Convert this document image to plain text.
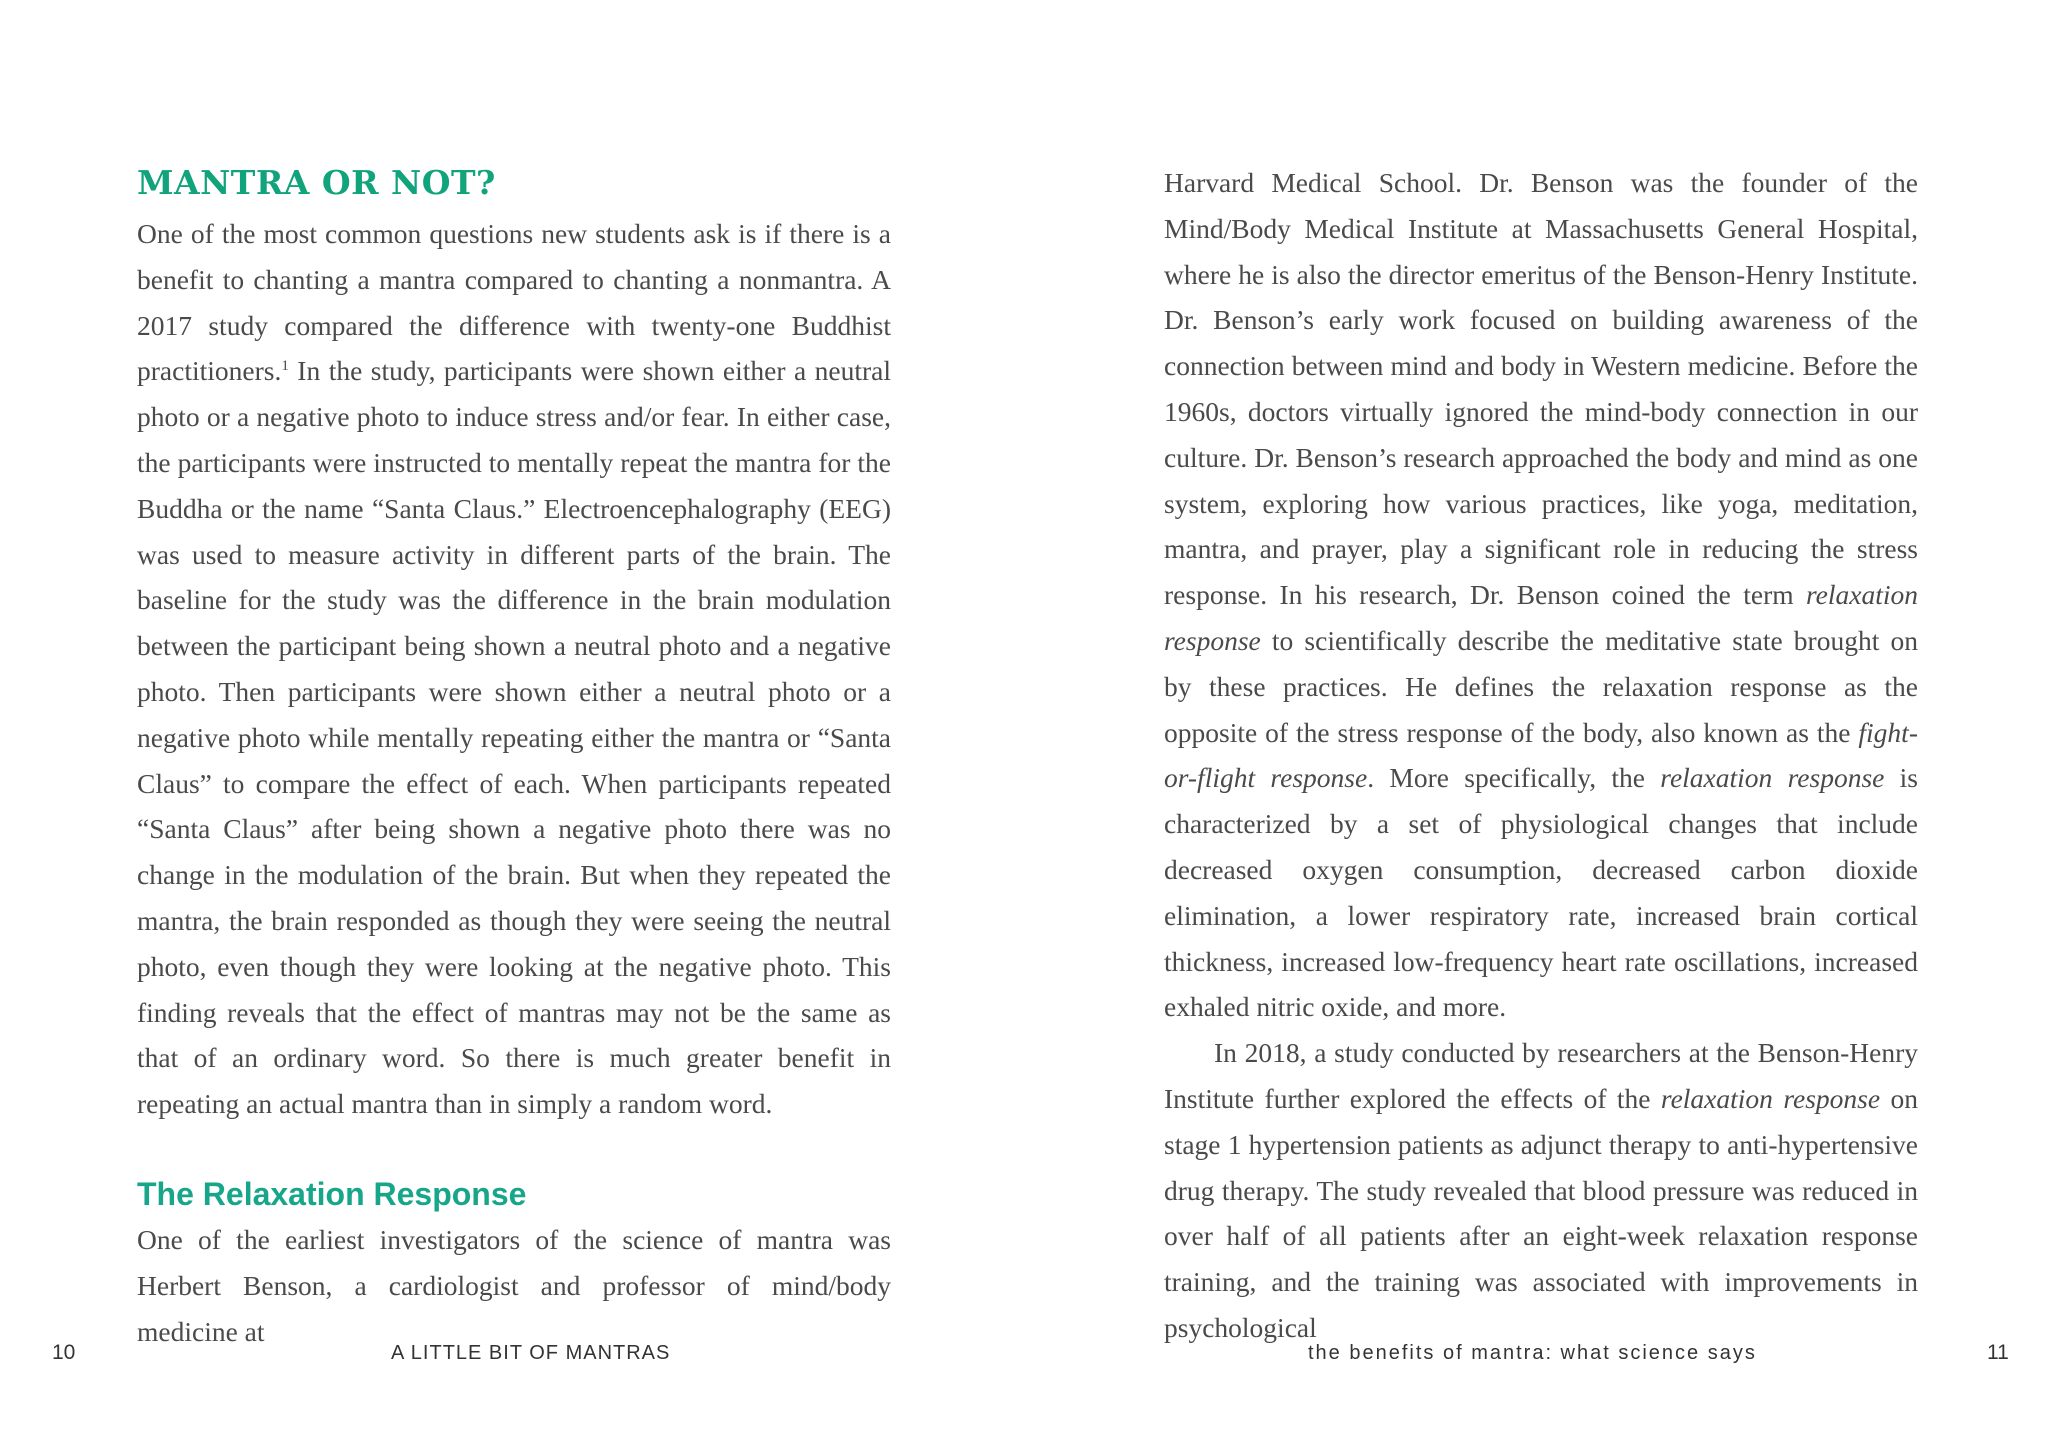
MANTRA OR NOT?

One of the most common questions new students ask is if there is a benefit to chanting a mantra compared to chanting a nonmantra. A 2017 study compared the difference with twenty-one Buddhist practitioners.$^1$ In the study, participants were shown either a neutral photo or a negative photo to induce stress and/or fear. In either case, the participants were instructed to mentally repeat the mantra for the Buddha or the name “Santa Claus.” Electroencephalography (EEG) was used to measure activity in different parts of the brain. The baseline for the study was the difference in the brain modulation between the participant being shown a neutral photo and a negative photo. Then participants were shown either a neutral photo or a negative photo while mentally repeating either the mantra or “Santa Claus” to compare the effect of each. When participants repeated “Santa Claus” after being shown a negative photo there was no change in the modulation of the brain. But when they repeated the mantra, the brain responded as though they were seeing the neutral photo, even though they were looking at the negative photo. This finding reveals that the effect of mantras may not be the same as that of an ordinary word. So there is much greater benefit in repeating an actual mantra than in simply a random word.

The Relaxation Response

One of the earliest investigators of the science of mantra was Herbert Benson, a cardiologist and professor of mind/body medicine at

10	A LITTLE BIT OF MANTRAS

Harvard Medical School. Dr. Benson was the founder of the Mind/Body Medical Institute at Massachusetts General Hospital, where he is also the director emeritus of the Benson-Henry Institute. Dr. Benson’s early work focused on building awareness of the connection between mind and body in Western medicine. Before the 1960s, doctors virtually ignored the mind-body connection in our culture. Dr. Benson’s research approached the body and mind as one system, exploring how various practices, like yoga, meditation, mantra, and prayer, play a significant role in reducing the stress response. In his research, Dr. Benson coined the term relaxation response to scientifically describe the meditative state brought on by these practices. He defines the relaxation response as the opposite of the stress response of the body, also known as the fight-or-flight response. More specifically, the relaxation response is characterized by a set of physiological changes that include decreased oxygen consumption, decreased carbon dioxide elimination, a lower respiratory rate, increased brain cortical thickness, increased low-frequency heart rate oscillations, increased exhaled nitric oxide, and more.

In 2018, a study conducted by researchers at the Benson-Henry Institute further explored the effects of the relaxation response on stage 1 hypertension patients as adjunct therapy to anti-hypertensive drug therapy. The study revealed that blood pressure was reduced in over half of all patients after an eight-week relaxation response training, and the training was associated with improvements in psychological

the benefits of mantra: what science says	11
